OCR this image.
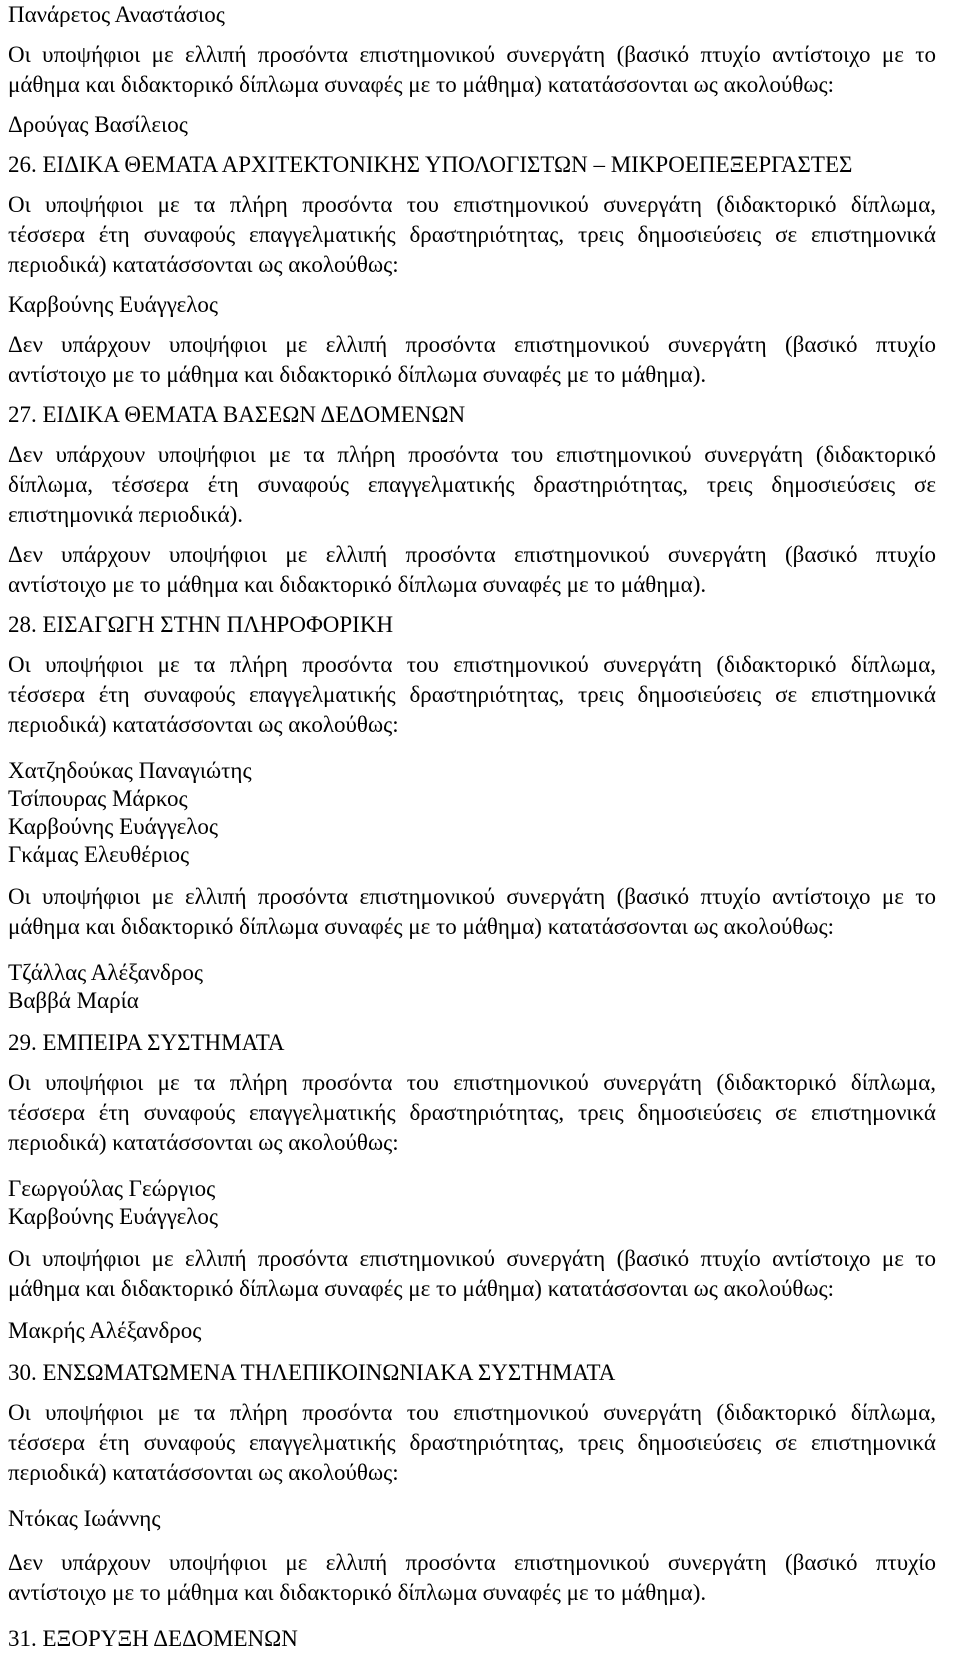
Πανάρετος Αναστάσιος
Οι υποψήφιοι με ελλιπή προσόντα επιστημονικού συνεργάτη (βασικό πτυχίο αντίστοιχο με το
μάθημα και διδακτορικό δίπλωμα συναφές με το μάθημα) κατατάσσονται ως ακολούθως:
Δρούγας Βασίλειος
26. ΕΙΔΙΚΑ ΘΕΜΑΤΑ ΑΡΧΙΤΕΚΤΟΝΙΚΗΣ ΥΠΟΛΟΓΙΣΤΩΝ – ΜΙΚΡΟΕΠΕΞΕΡΓΑΣΤΕΣ
Οι υποψήφιοι με τα πλήρη προσόντα του επιστημονικού συνεργάτη (διδακτορικό δίπλωμα,
τέσσερα έτη συναφούς επαγγελματικής δραστηριότητας, τρεις δημοσιεύσεις σε επιστημονικά
περιοδικά) κατατάσσονται ως ακολούθως:
Καρβούνης Ευάγγελος
Δεν υπάρχουν υποψήφιοι με ελλιπή προσόντα επιστημονικού συνεργάτη (βασικό πτυχίο
αντίστοιχο με το μάθημα και διδακτορικό δίπλωμα συναφές με το μάθημα).
27. ΕΙΔΙΚΑ ΘΕΜΑΤΑ ΒΑΣΕΩΝ ΔΕΔΟΜΕΝΩΝ
Δεν υπάρχουν υποψήφιοι με τα πλήρη προσόντα του επιστημονικού συνεργάτη (διδακτορικό
δίπλωμα, τέσσερα έτη συναφούς επαγγελματικής δραστηριότητας, τρεις δημοσιεύσεις σε
επιστημονικά περιοδικά).
Δεν υπάρχουν υποψήφιοι με ελλιπή προσόντα επιστημονικού συνεργάτη (βασικό πτυχίο
αντίστοιχο με το μάθημα και διδακτορικό δίπλωμα συναφές με το μάθημα).
28. ΕΙΣΑΓΩΓΗ ΣΤΗΝ ΠΛΗΡΟΦΟΡΙΚΗ
Οι υποψήφιοι με τα πλήρη προσόντα του επιστημονικού συνεργάτη (διδακτορικό δίπλωμα,
τέσσερα έτη συναφούς επαγγελματικής δραστηριότητας, τρεις δημοσιεύσεις σε επιστημονικά
περιοδικά) κατατάσσονται ως ακολούθως:
Χατζηδούκας Παναγιώτης
Τσίπουρας Μάρκος
Καρβούνης Ευάγγελος
Γκάμας Ελευθέριος
Οι υποψήφιοι με ελλιπή προσόντα επιστημονικού συνεργάτη (βασικό πτυχίο αντίστοιχο με το
μάθημα και διδακτορικό δίπλωμα συναφές με το μάθημα) κατατάσσονται ως ακολούθως:
Τζάλλας Αλέξανδρος
Βαββά Μαρία
29. ΕΜΠΕΙΡΑ ΣΥΣΤΗΜΑΤΑ
Οι υποψήφιοι με τα πλήρη προσόντα του επιστημονικού συνεργάτη (διδακτορικό δίπλωμα,
τέσσερα έτη συναφούς επαγγελματικής δραστηριότητας, τρεις δημοσιεύσεις σε επιστημονικά
περιοδικά) κατατάσσονται ως ακολούθως:
Γεωργούλας Γεώργιος
Καρβούνης Ευάγγελος
Οι υποψήφιοι με ελλιπή προσόντα επιστημονικού συνεργάτη (βασικό πτυχίο αντίστοιχο με το
μάθημα και διδακτορικό δίπλωμα συναφές με το μάθημα) κατατάσσονται ως ακολούθως:
Μακρής Αλέξανδρος
30. ΕΝΣΩΜΑΤΩΜΕΝΑ ΤΗΛΕΠΙΚΟΙΝΩΝΙΑΚΑ ΣΥΣΤΗΜΑΤΑ
Οι υποψήφιοι με τα πλήρη προσόντα του επιστημονικού συνεργάτη (διδακτορικό δίπλωμα,
τέσσερα έτη συναφούς επαγγελματικής δραστηριότητας, τρεις δημοσιεύσεις σε επιστημονικά
περιοδικά) κατατάσσονται ως ακολούθως:
Ντόκας Ιωάννης
Δεν υπάρχουν υποψήφιοι με ελλιπή προσόντα επιστημονικού συνεργάτη (βασικό πτυχίο
αντίστοιχο με το μάθημα και διδακτορικό δίπλωμα συναφές με το μάθημα).
31. ΕΞΟΡΥΞΗ ΔΕΔΟΜΕΝΩΝ
